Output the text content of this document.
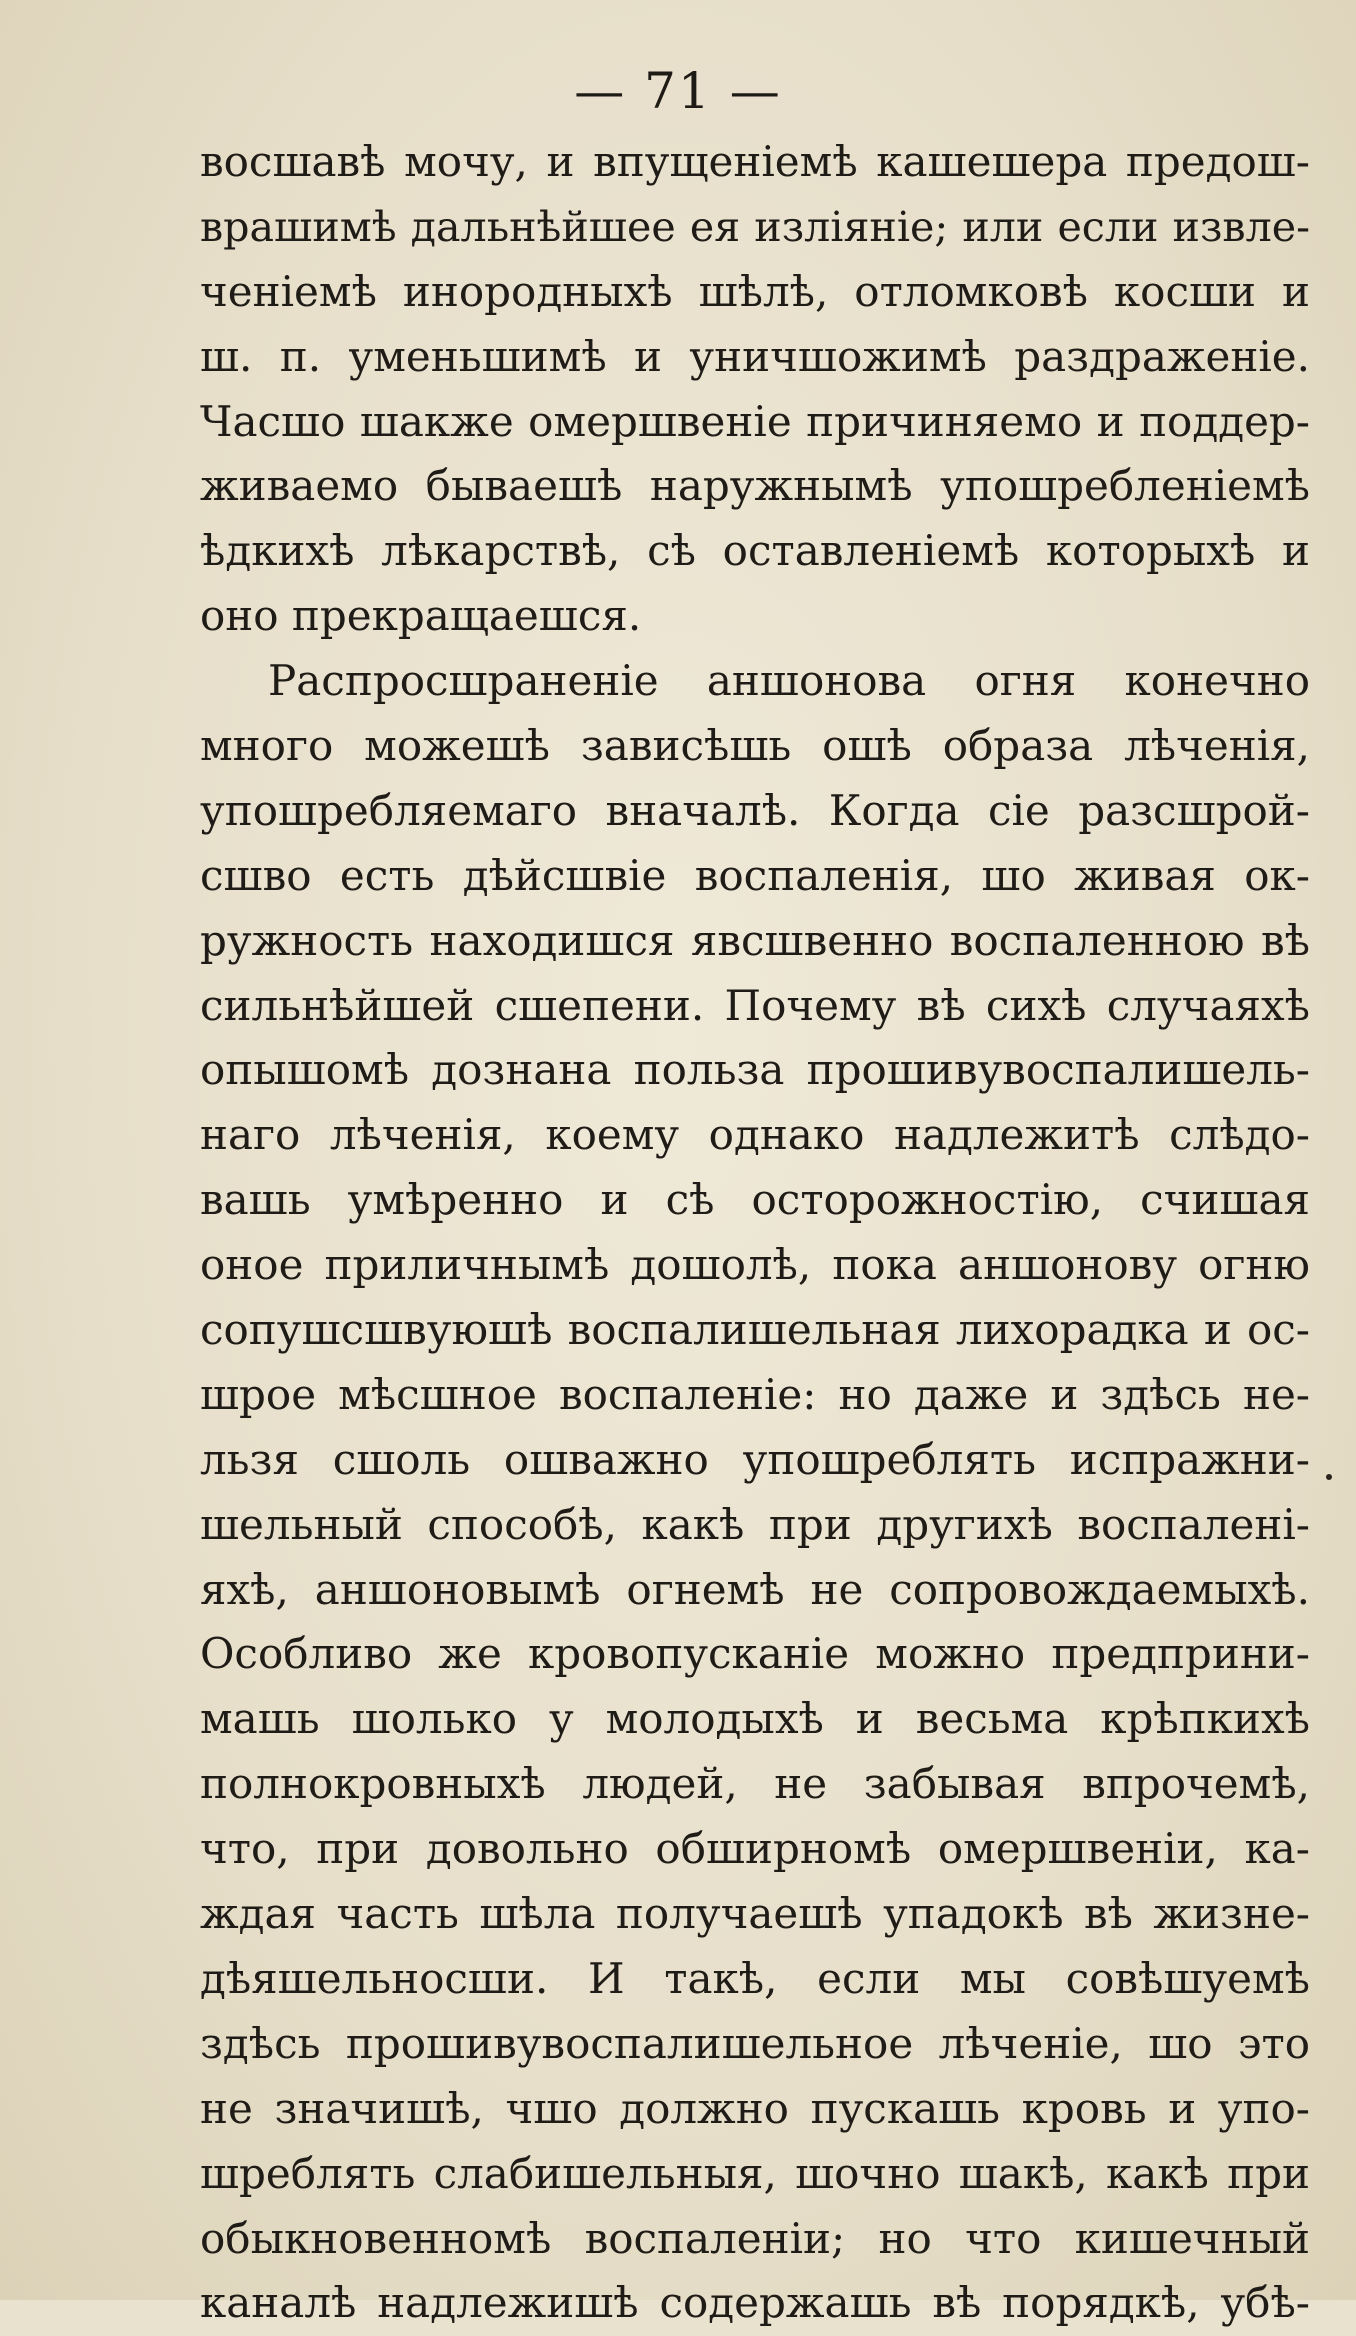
— 71 —
восшавѣ мочу, и впущеніемѣ кашешера предош-
врашимѣ дальнѣйшее ея изліяніе; или если извле-
ченіемѣ инородныхѣ шѣлѣ, отломковѣ косши и
ш. п. уменьшимѣ и уничшожимѣ раздраженіе.
Часшо шакже омершвеніе причиняемо и поддер-
живаемо бываешѣ наружнымѣ упошребленіемѣ
ѣдкихѣ лѣкарствѣ, сѣ оставленіемѣ которыхѣ и
оно прекращаешся.
Распросшраненіе аншонова огня конечно
много можешѣ зависѣшь ошѣ образа лѣченія,
упошребляемаго вначалѣ. Когда сіе разсшрой-
сшво есть дѣйсшвіе воспаленія, шо живая ок-
ружность находишся явсшвенно воспаленною вѣ
сильнѣйшей сшепени. Почему вѣ сихѣ случаяхѣ
опышомѣ дознана польза прошивувоспалишель-
наго лѣченія, коему однако надлежитѣ слѣдо-
вашь умѣренно и сѣ осторожностію, счишая
оное приличнымѣ дошолѣ, пока аншонову огню
сопушсшвуюшѣ воспалишельная лихорадка и ос-
шрое мѣсшное воспаленіе: но даже и здѣсь не-
льзя сшоль ошважно упошреблять испражни-
шельный способѣ, какѣ при другихѣ воспалені-
яхѣ, аншоновымѣ огнемѣ не сопровождаемыхѣ.
Особливо же кровопусканіе можно предприни-
машь шолько у молодыхѣ и весьма крѣпкихѣ
полнокровныхѣ людей, не забывая впрочемѣ,
что, при довольно обширномѣ омершвеніи, ка-
ждая часть шѣла получаешѣ упадокѣ вѣ жизне-
дѣяшельносши. И такѣ, если мы совѣшуемѣ
здѣсь прошивувоспалишельное лѣченіе, шо это
не значишѣ, чшо должно пускашь кровь и упо-
шреблять слабишельныя, шочно шакѣ, какѣ при
обыкновенномѣ воспаленіи; но что кишечный
каналѣ надлежишѣ содержашь вѣ порядкѣ, убѣ-
